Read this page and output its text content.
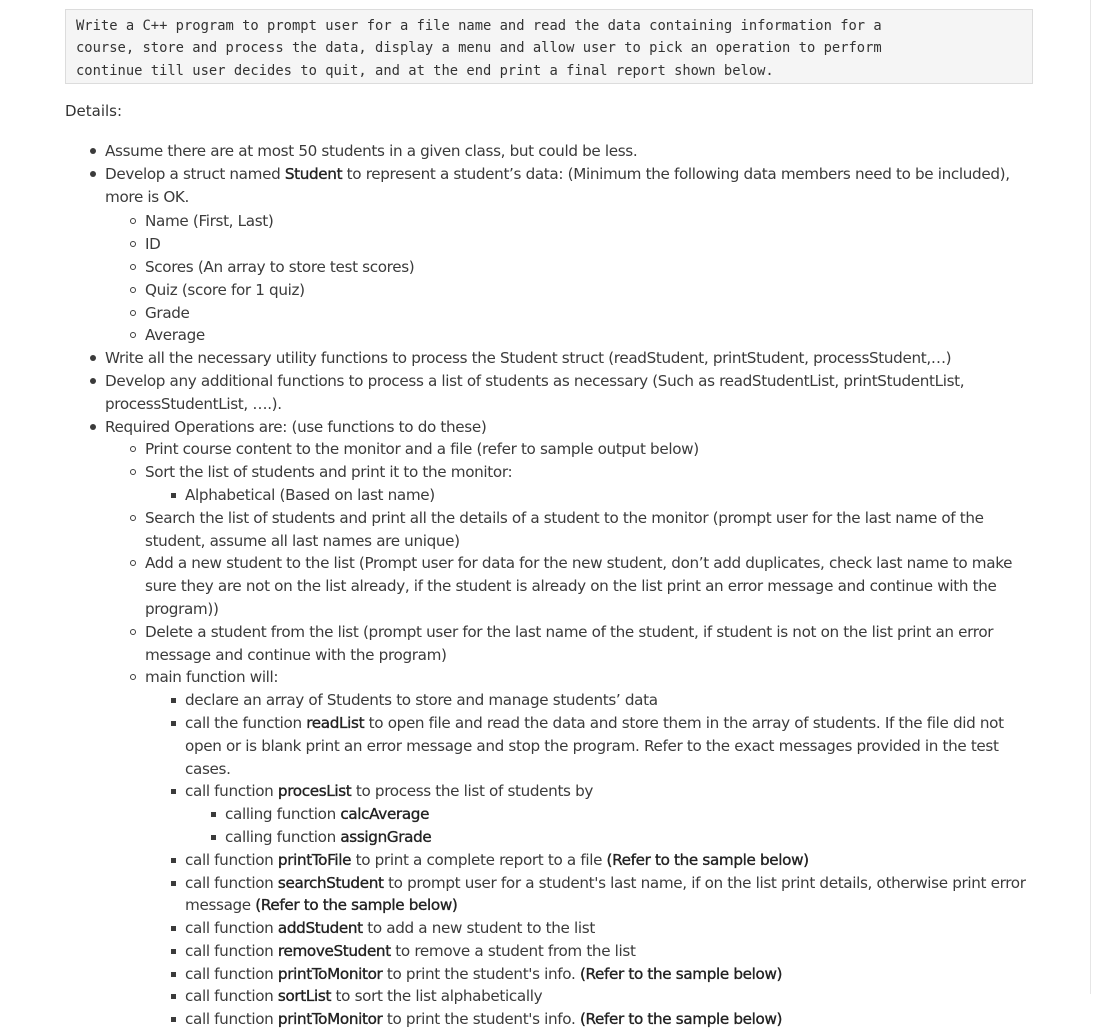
Write a C++ program to prompt user for a file name and read the data containing information for a
course, store and process the data, display a menu and allow user to pick an operation to perform
continue till user decides to quit, and at the end print a final report shown below.
Details:
Assume there are at most 50 students in a given class, but could be less.
Develop a struct named Student to represent a student’s data: (Minimum the following data members need to be included), more is OK.
Name (First, Last)
ID
Scores (An array to store test scores)
Quiz (score for 1 quiz)
Grade
Average
Write all the necessary utility functions to process the Student struct (readStudent, printStudent, processStudent,…)
Develop any additional functions to process a list of students as necessary (Such as readStudentList, printStudentList, processStudentList, ….).
Required Operations are: (use functions to do these)
Print course content to the monitor and a file (refer to sample output below)
Sort the list of students and print it to the monitor:
Alphabetical (Based on last name)
Search the list of students and print all the details of a student to the monitor (prompt user for the last name of the student, assume all last names are unique)
Add a new student to the list (Prompt user for data for the new student, don’t add duplicates, check last name to make sure they are not on the list already, if the student is already on the list print an error message and continue with the program))
Delete a student from the list (prompt user for the last name of the student, if student is not on the list print an error message and continue with the program)
main function will:
declare an array of Students to store and manage students’ data
call the function readList to open file and read the data and store them in the array of students. If the file did not open or is blank print an error message and stop the program. Refer to the exact messages provided in the test cases.
call function procesList to process the list of students by
calling function calcAverage
calling function assignGrade
call function printToFile to print a complete report to a file (Refer to the sample below)
call function searchStudent to prompt user for a student's last name, if on the list print details, otherwise print error message (Refer to the sample below)
call function addStudent to add a new student to the list
call function removeStudent to remove a student from the list
call function printToMonitor to print the student's info. (Refer to the sample below)
call function sortList to sort the list alphabetically
call function printToMonitor to print the student's info. (Refer to the sample below)
